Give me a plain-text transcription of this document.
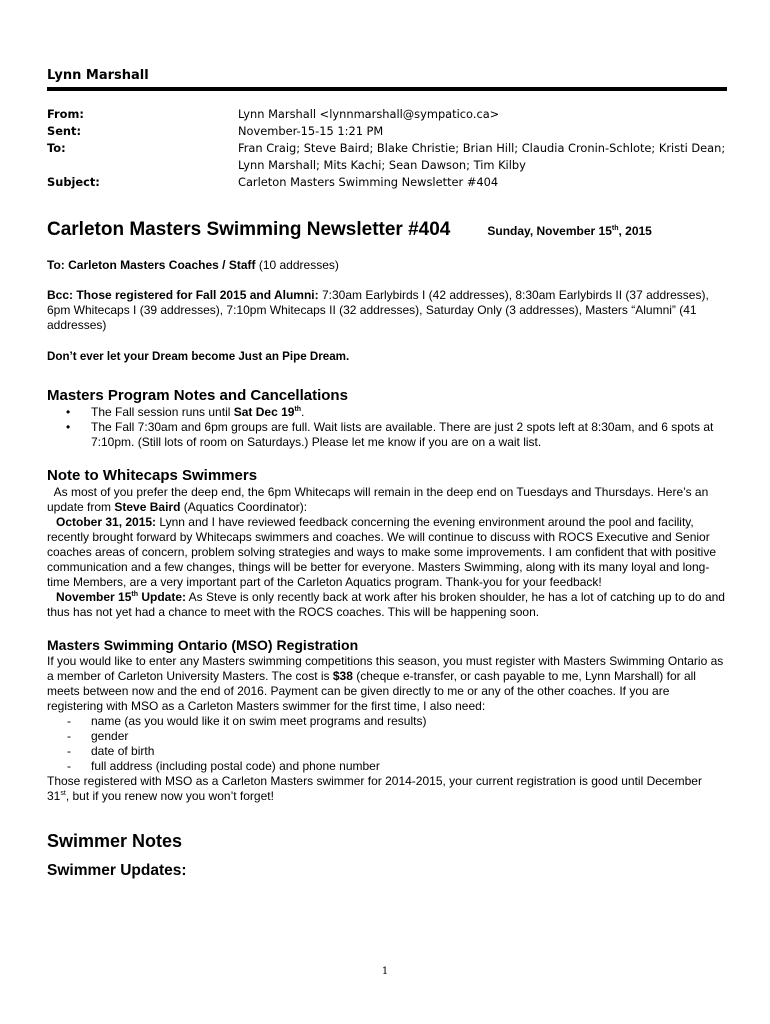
Lynn Marshall
From:	Lynn Marshall <lynnmarshall@sympatico.ca>
Sent:	November-15-15 1:21 PM
To:	Fran Craig; Steve Baird; Blake Christie; Brian Hill; Claudia Cronin-Schlote; Kristi Dean;
Lynn Marshall; Mits Kachi; Sean Dawson; Tim Kilby
Subject:	Carleton Masters Swimming Newsletter #404
Carleton Masters Swimming Newsletter #404	Sunday, November 15th, 2015
To: Carleton Masters Coaches / Staff (10 addresses)
Bcc: Those registered for Fall 2015 and Alumni: 7:30am Earlybirds I (42 addresses), 8:30am Earlybirds II (37 addresses), 6pm Whitecaps I (39 addresses), 7:10pm Whitecaps II (32 addresses), Saturday Only (3 addresses), Masters “Alumni” (41 addresses)
Don’t ever let your Dream become Just an Pipe Dream.
Masters Program Notes and Cancellations
• The Fall session runs until Sat Dec 19th.
• The Fall 7:30am and 6pm groups are full. Wait lists are available. There are just 2 spots left at 8:30am, and 6 spots at 7:10pm. (Still lots of room on Saturdays.) Please let me know if you are on a wait list.
Note to Whitecaps Swimmers
As most of you prefer the deep end, the 6pm Whitecaps will remain in the deep end on Tuesdays and Thursdays. Here’s an update from Steve Baird (Aquatics Coordinator):
October 31, 2015: Lynn and I have reviewed feedback concerning the evening environment around the pool and facility, recently brought forward by Whitecaps swimmers and coaches. We will continue to discuss with ROCS Executive and Senior coaches areas of concern, problem solving strategies and ways to make some improvements. I am confident that with positive communication and a few changes, things will be better for everyone. Masters Swimming, along with its many loyal and long-time Members, are a very important part of the Carleton Aquatics program. Thank-you for your feedback!
November 15th Update: As Steve is only recently back at work after his broken shoulder, he has a lot of catching up to do and thus has not yet had a chance to meet with the ROCS coaches. This will be happening soon.
Masters Swimming Ontario (MSO) Registration
If you would like to enter any Masters swimming competitions this season, you must register with Masters Swimming Ontario as a member of Carleton University Masters. The cost is $38 (cheque e-transfer, or cash payable to me, Lynn Marshall) for all meets between now and the end of 2016. Payment can be given directly to me or any of the other coaches. If you are registering with MSO as a Carleton Masters swimmer for the first time, I also need:
- name (as you would like it on swim meet programs and results)
- gender
- date of birth
- full address (including postal code) and phone number
Those registered with MSO as a Carleton Masters swimmer for 2014-2015, your current registration is good until December 31st, but if you renew now you won’t forget!
Swimmer Notes
Swimmer Updates:
1
